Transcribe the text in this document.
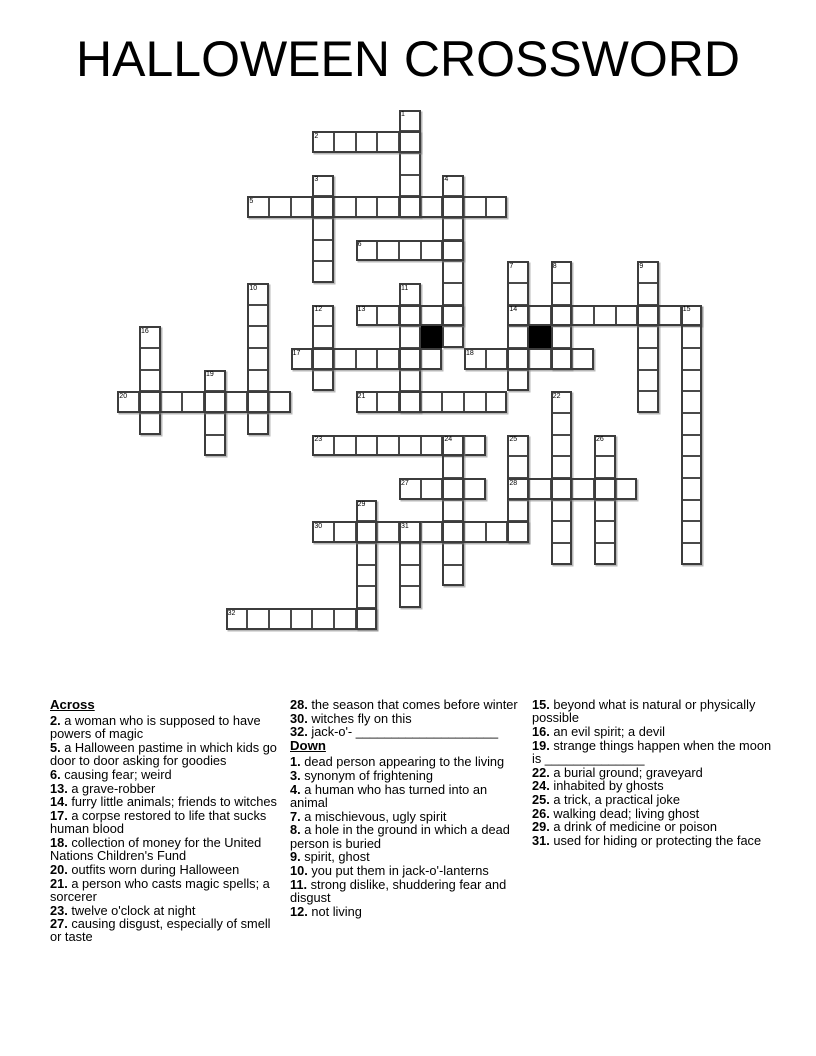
HALLOWEEN CROSSWORD
1
2
3	4
5
6
7	8	9
10	11
12	13	14	15
16
17	18
19
20	21	22
23	24	25	26
27	28
29
30	31
32
Across
2. a woman who is supposed to have powers of magic
5. a Halloween pastime in which kids go door to door asking for goodies
6. causing fear; weird
13. a grave-robber
14. furry little animals; friends to witches
17. a corpse restored to life that sucks human blood
18. collection of money for the United Nations Children's Fund
20. outfits worn during Halloween
21. a person who casts magic spells; a sorcerer
23. twelve o'clock at night
27. causing disgust, especially of smell or taste
28. the season that comes before winter
30. witches fly on this
32. jack-o'- ____________________
Down
1. dead person appearing to the living
3. synonym of frightening
4. a human who has turned into an animal
7. a mischievous, ugly spirit
8. a hole in the ground in which a dead person is buried
9. spirit, ghost
10. you put them in jack-o'-lanterns
11. strong dislike, shuddering fear and disgust
12. not living
15. beyond what is natural or physically possible
16. an evil spirit; a devil
19. strange things happen when the moon is ______________
22. a burial ground; graveyard
24. inhabited by ghosts
25. a trick, a practical joke
26. walking dead; living ghost
29. a drink of medicine or poison
31. used for hiding or protecting the face
